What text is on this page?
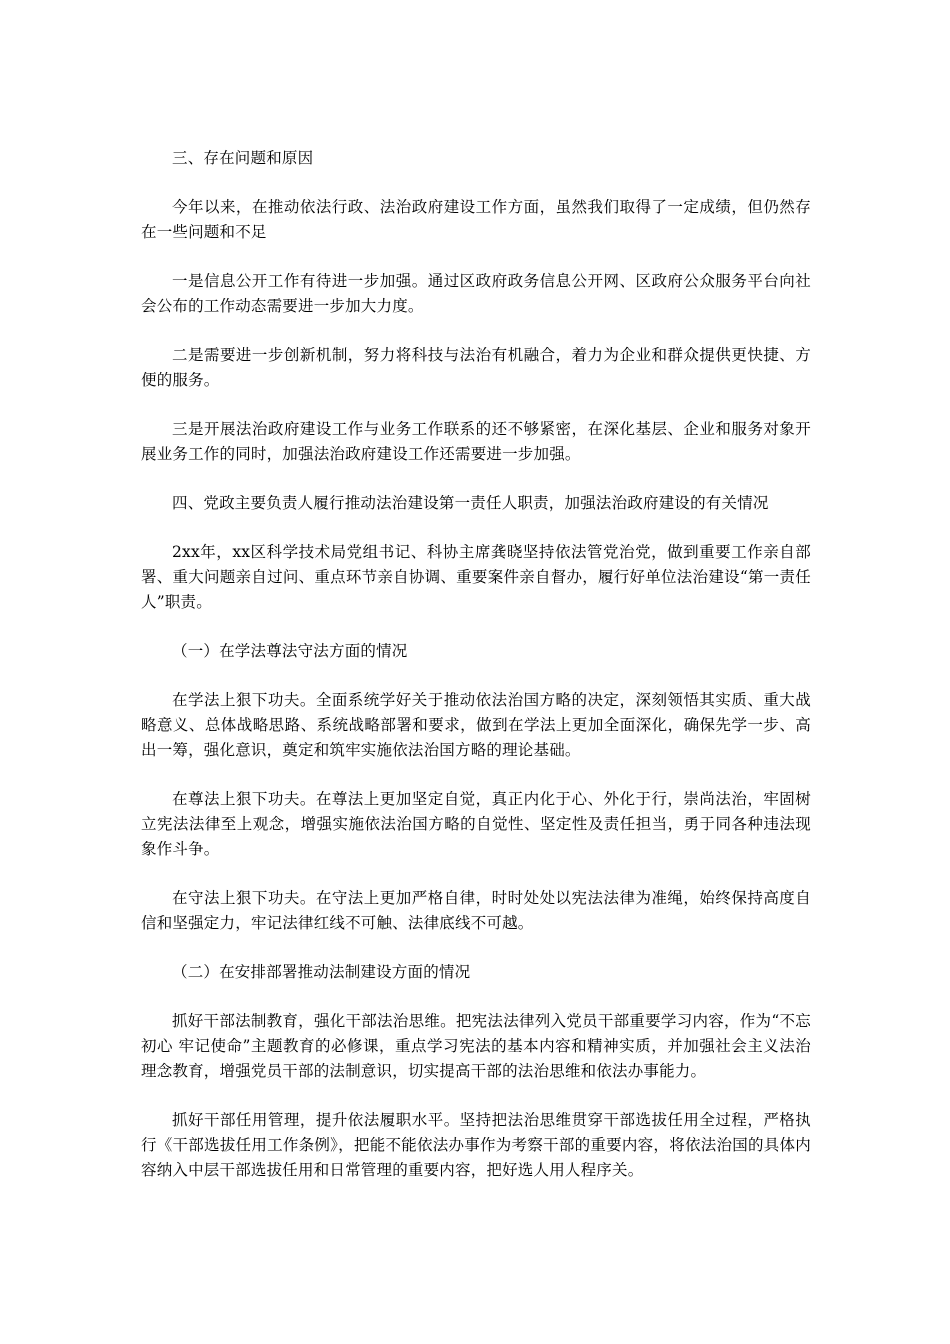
三、存在问题和原因

今年以来，在推动依法行政、法治政府建设工作方面，虽然我们取得了一定成绩，但仍然存在一些问题和不足

一是信息公开工作有待进一步加强。通过区政府政务信息公开网、区政府公众服务平台向社会公布的工作动态需要进一步加大力度。

二是需要进一步创新机制，努力将科技与法治有机融合，着力为企业和群众提供更快捷、方便的服务。

三是开展法治政府建设工作与业务工作联系的还不够紧密，在深化基层、企业和服务对象开展业务工作的同时，加强法治政府建设工作还需要进一步加强。

四、党政主要负责人履行推动法治建设第一责任人职责，加强法治政府建设的有关情况

2xx年，xx区科学技术局党组书记、科协主席龚晓坚持依法管党治党，做到重要工作亲自部署、重大问题亲自过问、重点环节亲自协调、重要案件亲自督办，履行好单位法治建设“第一责任人”职责。

（一）在学法尊法守法方面的情况

在学法上狠下功夫。全面系统学好关于推动依法治国方略的决定，深刻领悟其实质、重大战略意义、总体战略思路、系统战略部署和要求，做到在学法上更加全面深化，确保先学一步、高出一筹，强化意识，奠定和筑牢实施依法治国方略的理论基础。

在尊法上狠下功夫。在尊法上更加坚定自觉，真正内化于心、外化于行，崇尚法治，牢固树立宪法法律至上观念，增强实施依法治国方略的自觉性、坚定性及责任担当，勇于同各种违法现象作斗争。

在守法上狠下功夫。在守法上更加严格自律，时时处处以宪法法律为准绳，始终保持高度自信和坚强定力，牢记法律红线不可触、法律底线不可越。

（二）在安排部署推动法制建设方面的情况

抓好干部法制教育，强化干部法治思维。把宪法法律列入党员干部重要学习内容，作为“不忘初心 牢记使命”主题教育的必修课，重点学习宪法的基本内容和精神实质，并加强社会主义法治理念教育，增强党员干部的法制意识，切实提高干部的法治思维和依法办事能力。

抓好干部任用管理，提升依法履职水平。坚持把法治思维贯穿干部选拔任用全过程，严格执行《干部选拔任用工作条例》，把能不能依法办事作为考察干部的重要内容，将依法治国的具体内容纳入中层干部选拔任用和日常管理的重要内容，把好选人用人程序关。
